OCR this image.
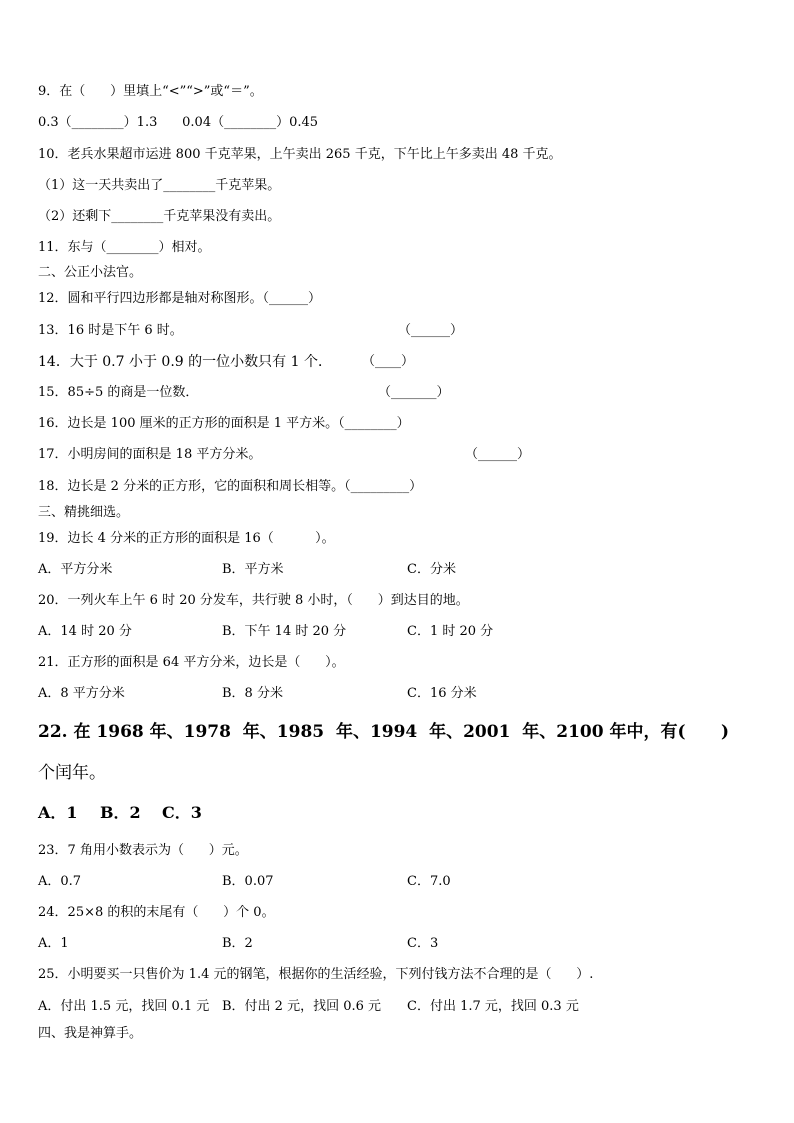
9．在（      ）里填上“<”“>”或“＝”。
0.3（________）1.3      0.04（________）0.45
10．老兵水果超市运进 800 千克苹果，上午卖出 265 千克，下午比上午多卖出 48 千克。
（1）这一天共卖出了________千克苹果。
（2）还剩下________千克苹果没有卖出。
11．东与（________）相对。
二、公正小法官。
12．圆和平行四边形都是轴对称图形。（______）
13．16 时是下午 6 时。	（______）
14．大于 0.7 小于 0.9 的一位小数只有 1 个． （____）
15．85÷5 的商是一位数．	（_______）
16．边长是 100 厘米的正方形的面积是 1 平方米。（________）
17．小明房间的面积是 18 平方分米。	（______）
18．边长是 2 分米的正方形，它的面积和周长相等。（_________）
三、精挑细选。
19．边长 4 分米的正方形的面积是 16（          ）。
A．平方分米	B．平方米	C．分米
20．一列火车上午 6 时 20 分发车，共行驶 8 小时，（      ）到达目的地。
A．14 时 20 分	B．下午 14 时 20 分	C．1 时 20 分
21．正方形的面积是 64 平方分米，边长是（      ）。
A．8 平方分米	B．8 分米	C．16 分米
22. 在 1968 年、1978  年、1985  年、1994  年、2001  年、2100 年中，有(      )
个闰年。
A．1 B．2 C．3
23．7 角用小数表示为（      ）元。
A．0.7	B．0.07	C．7.0
24．25×8 的积的末尾有（      ）个 0。
A．1	B．2	C．3
25．小明要买一只售价为 1.4 元的钢笔，根据你的生活经验，下列付钱方法不合理的是（      ）.
A．付出 1.5 元，找回 0.1 元 B．付出 2 元，找回 0.6 元 C．付出 1.7 元，找回 0.3 元
四、我是神算手。
